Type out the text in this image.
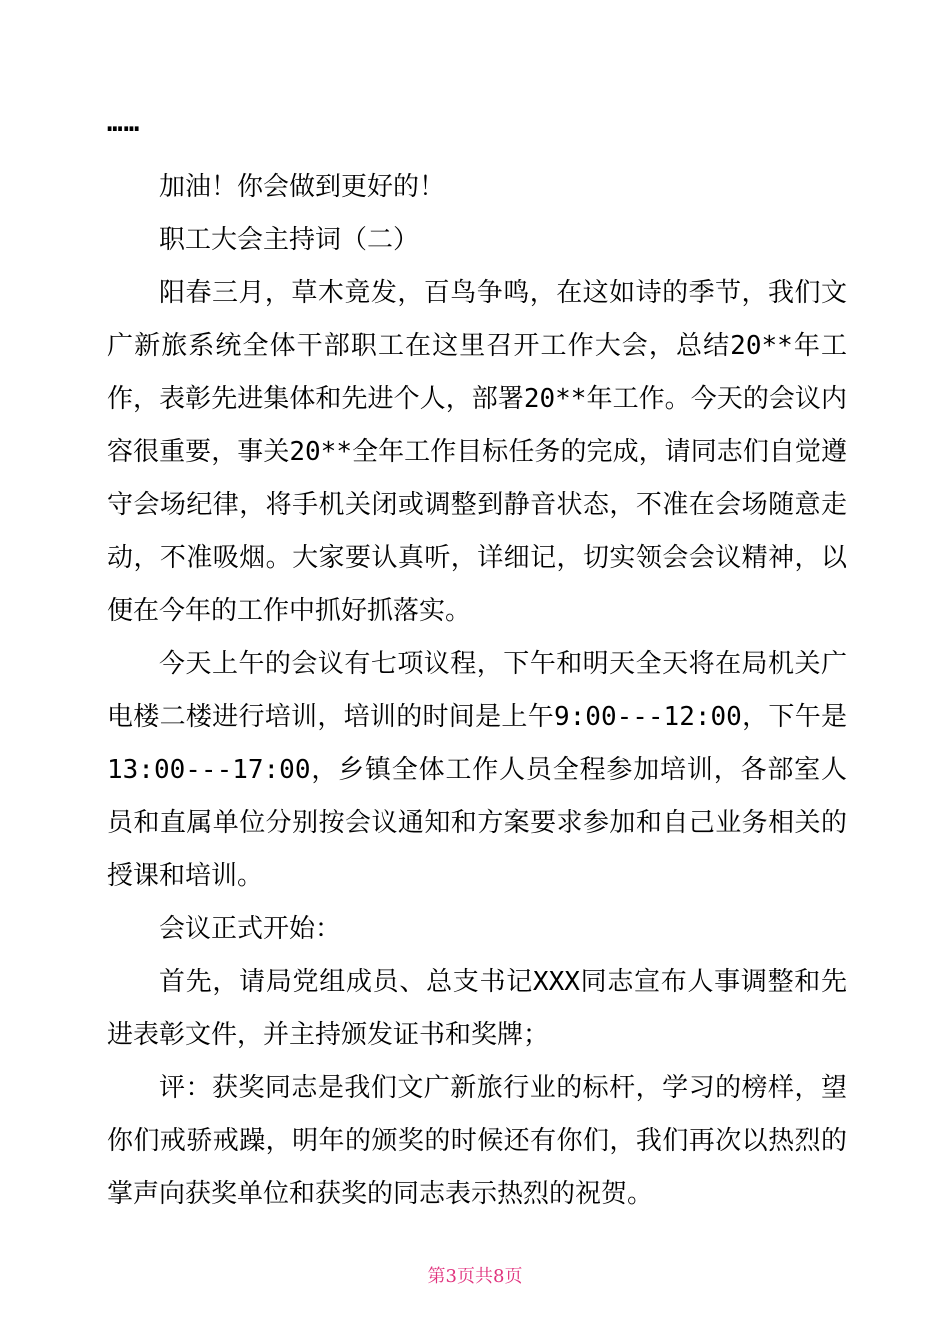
……

加油！你会做到更好的！

职工大会主持词（二）

阳春三月，草木竟发，百鸟争鸣，在这如诗的季节，我们文广新旅系统全体干部职工在这里召开工作大会，总结20**年工作，表彰先进集体和先进个人，部署20**年工作。今天的会议内容很重要，事关20**全年工作目标任务的完成，请同志们自觉遵守会场纪律，将手机关闭或调整到静音状态，不准在会场随意走动，不准吸烟。大家要认真听，详细记，切实领会会议精神，以便在今年的工作中抓好抓落实。

今天上午的会议有七项议程，下午和明天全天将在局机关广电楼二楼进行培训，培训的时间是上午9:00---12:00，下午是13:00---17:00，乡镇全体工作人员全程参加培训，各部室人员和直属单位分别按会议通知和方案要求参加和自己业务相关的授课和培训。

会议正式开始：

首先，请局党组成员、总支书记XXX同志宣布人事调整和先进表彰文件，并主持颁发证书和奖牌；

评：获奖同志是我们文广新旅行业的标杆，学习的榜样，望你们戒骄戒躁，明年的颁奖的时候还有你们，我们再次以热烈的掌声向获奖单位和获奖的同志表示热烈的祝贺。

第3页共8页
